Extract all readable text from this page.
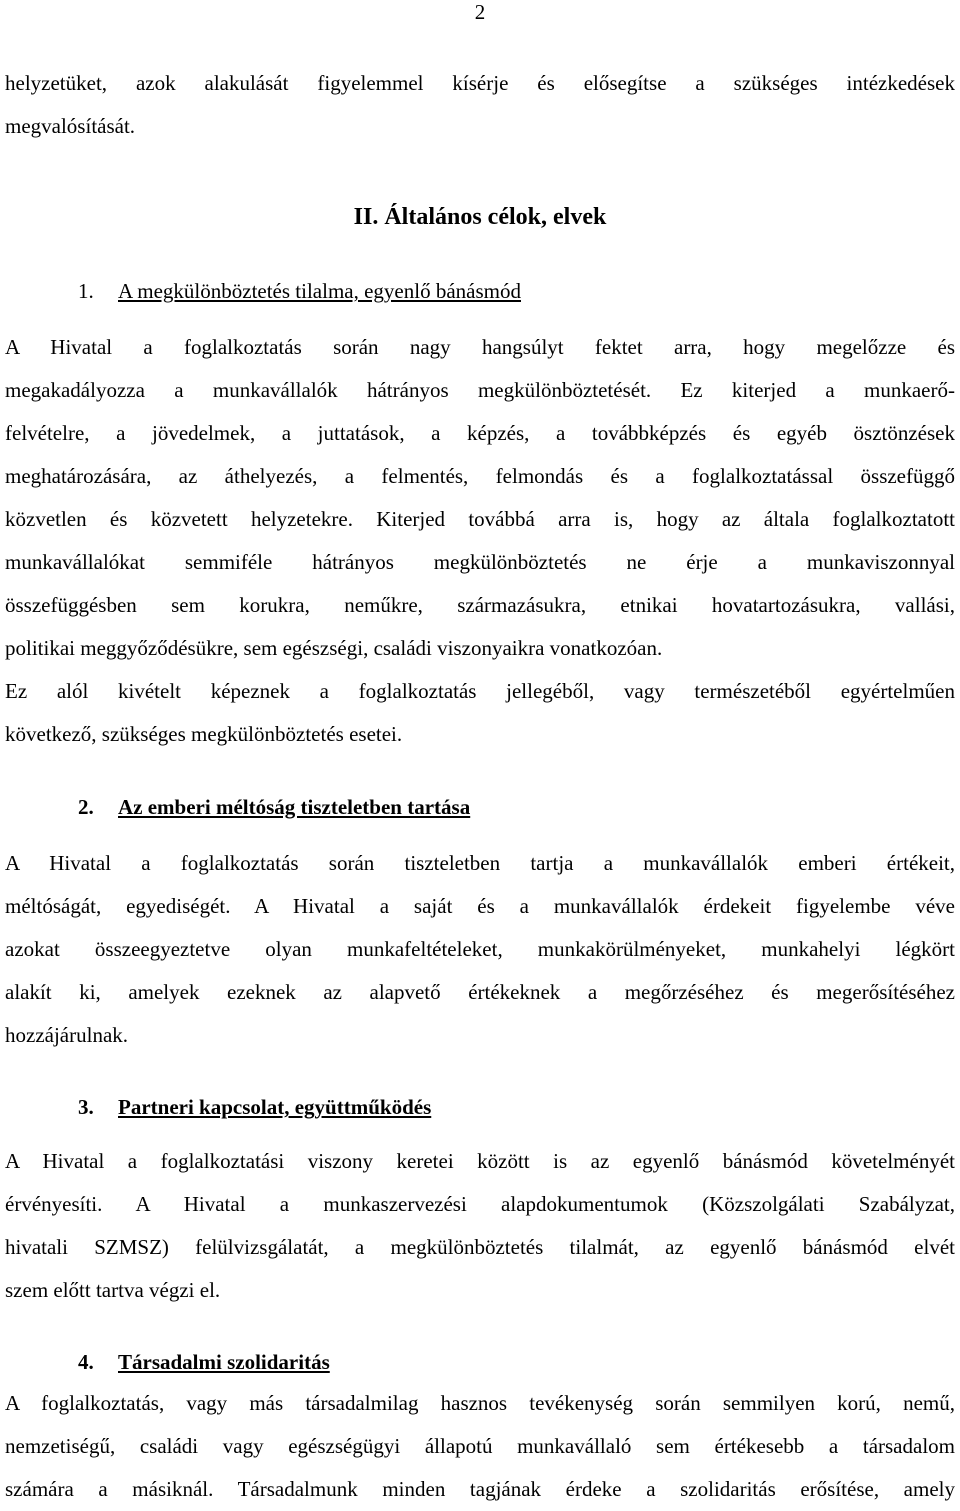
2
helyzetüket, azok alakulását figyelemmel kísérje és elősegítse a szükséges intézkedések
megvalósítását.
II. Általános célok, elvek
1. A megkülönböztetés tilalma, egyenlő bánásmód
A Hivatal a foglalkoztatás során nagy hangsúlyt fektet arra, hogy megelőzze és
megakadályozza a munkavállalók hátrányos megkülönböztetését. Ez kiterjed a munkaerő-
felvételre, a jövedelmek, a juttatások, a képzés, a továbbképzés és egyéb ösztönzések
meghatározására, az áthelyezés, a felmentés, felmondás és a foglalkoztatással összefüggő
közvetlen és közvetett helyzetekre. Kiterjed továbbá arra is, hogy az általa foglalkoztatott
munkavállalókat semmiféle hátrányos megkülönböztetés ne érje a munkaviszonnyal
összefüggésben sem korukra, neműkre, származásukra, etnikai hovatartozásukra, vallási,
politikai meggyőződésükre, sem egészségi, családi viszonyaikra vonatkozóan.
Ez alól kivételt képeznek a foglalkoztatás jellegéből, vagy természetéből egyértelműen
következő, szükséges megkülönböztetés esetei.
2. Az emberi méltóság tiszteletben tartása
A Hivatal a foglalkoztatás során tiszteletben tartja a munkavállalók emberi értékeit,
méltóságát, egyediségét. A Hivatal a saját és a munkavállalók érdekeit figyelembe véve
azokat összeegyeztetve olyan munkafeltételeket, munkakörülményeket, munkahelyi légkört
alakít ki, amelyek ezeknek az alapvető értékeknek a megőrzéséhez és megerősítéséhez
hozzájárulnak.
3. Partneri kapcsolat, együttműködés
A Hivatal a foglalkoztatási viszony keretei között is az egyenlő bánásmód követelményét
érvényesíti. A Hivatal a munkaszervezési alapdokumentumok (Közszolgálati Szabályzat,
hivatali SZMSZ) felülvizsgálatát, a megkülönböztetés tilalmát, az egyenlő bánásmód elvét
szem előtt tartva végzi el.
4. Társadalmi szolidaritás
A foglalkoztatás, vagy más társadalmilag hasznos tevékenység során semmilyen korú, nemű,
nemzetiségű, családi vagy egészségügyi állapotú munkavállaló sem értékesebb a társadalom
számára a másiknál. Társadalmunk minden tagjának érdeke a szolidaritás erősítése, amely
